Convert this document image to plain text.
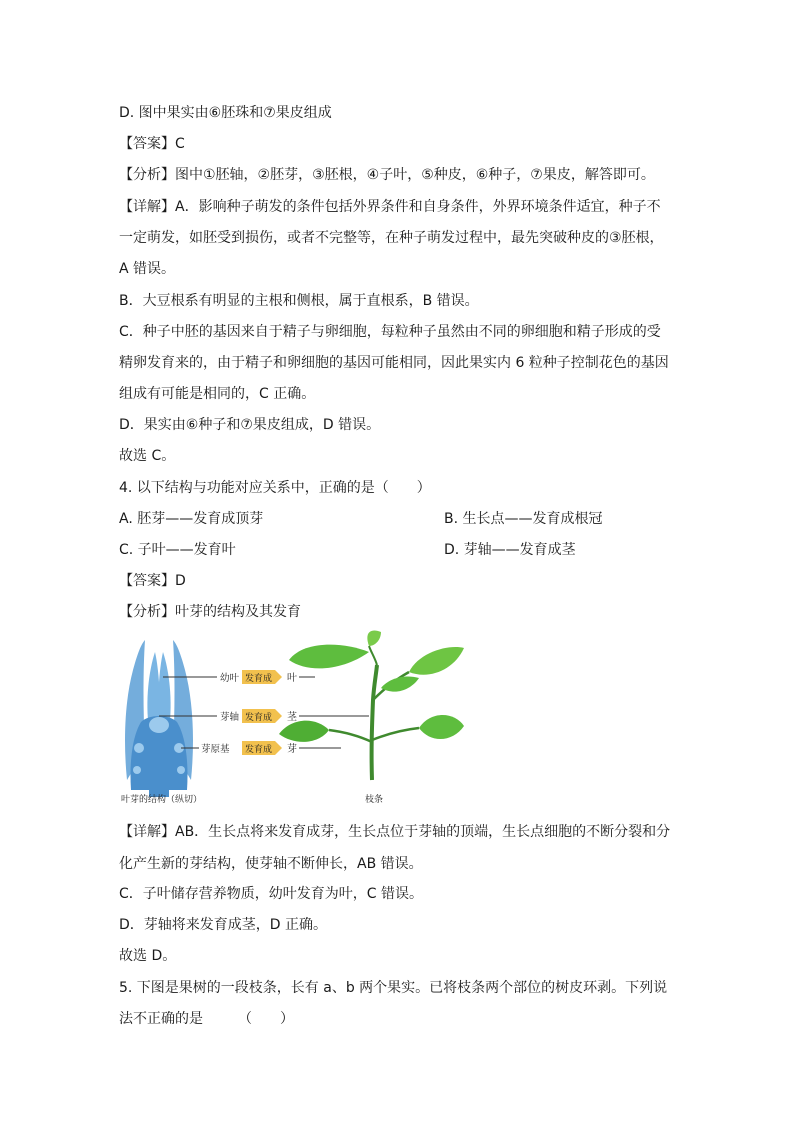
D. 图中果实由⑥胚珠和⑦果皮组成
【答案】C
【分析】图中①胚轴，②胚芽，③胚根，④子叶，⑤种皮，⑥种子，⑦果皮，解答即可。
【详解】A．影响种子萌发的条件包括外界条件和自身条件，外界环境条件适宜，种子不
一定萌发，如胚受到损伤，或者不完整等，在种子萌发过程中，最先突破种皮的③胚根，
A 错误。
B．大豆根系有明显的主根和侧根，属于直根系，B 错误。
C．种子中胚的基因来自于精子与卵细胞，每粒种子虽然由不同的卵细胞和精子形成的受
精卵发育来的，由于精子和卵细胞的基因可能相同，因此果实内 6 粒种子控制花色的基因
组成有可能是相同的，C 正确。
D．果实由⑥种子和⑦果皮组成，D 错误。
故选 C。
4. 以下结构与功能对应关系中，正确的是（　　）
A. 胚芽——发育成顶芽	B. 生长点——发育成根冠
C. 子叶——发育叶	D. 芽轴——发育成茎
【答案】D
【分析】叶芽的结构及其发育
幼叶
芽轴
芽原基
发育成
发育成
发育成
叶
茎
芽
叶芽的结构（纵切）	枝条
【详解】AB．生长点将来发育成芽，生长点位于芽轴的顶端，生长点细胞的不断分裂和分
化产生新的芽结构，使芽轴不断伸长，AB 错误。
C．子叶储存营养物质，幼叶发育为叶，C 错误。
D．芽轴将来发育成茎，D 正确。
故选 D。
5. 下图是果树的一段枝条，长有 a、b 两个果实。已将枝条两个部位的树皮环剥。下列说
法不正确的是　　　（　　）
